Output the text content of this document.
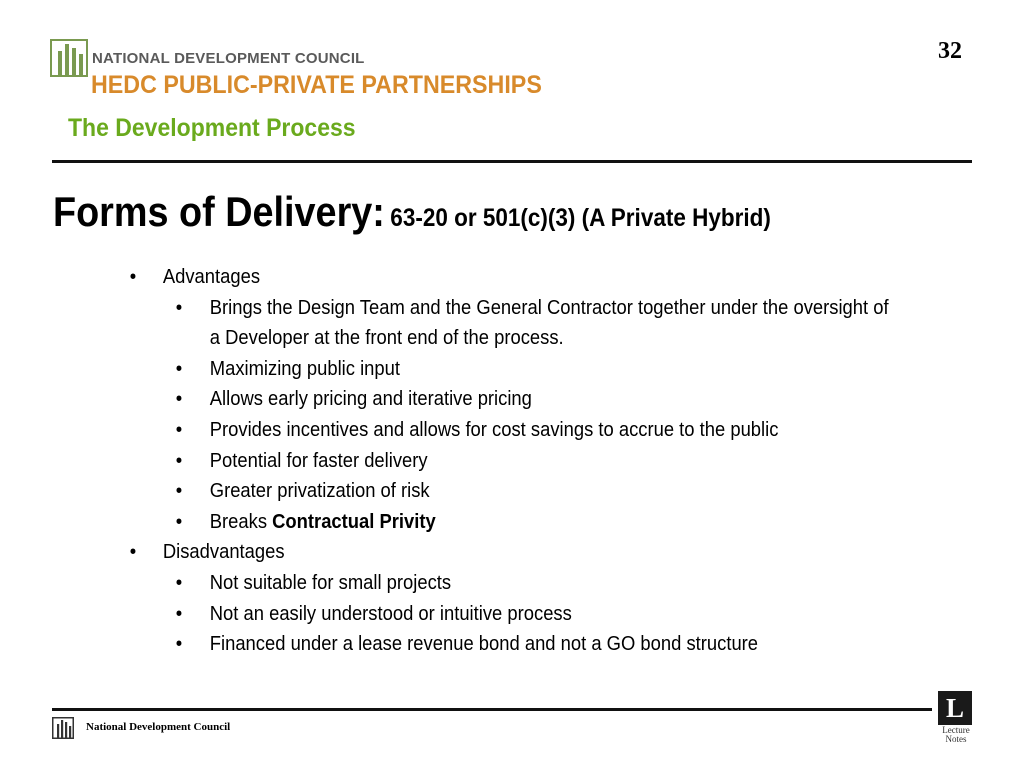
NATIONAL DEVELOPMENT COUNCIL
HEDC PUBLIC-PRIVATE PARTNERSHIPS
The Development Process
32
Forms of Delivery: 63-20 or 501(c)(3) (A Private Hybrid)
• Advantages
• Brings the Design Team and the General Contractor together under the oversight of a Developer at the front end of the process.
• Maximizing public input
• Allows early pricing and iterative pricing
• Provides incentives and allows for cost savings to accrue to the public
• Potential for faster delivery
• Greater privatization of risk
• Breaks Contractual Privity
• Disadvantages
• Not suitable for small projects
• Not an easily understood or intuitive process
• Financed under a lease revenue bond and not a GO bond structure
National Development Council
L
Lecture
Notes
